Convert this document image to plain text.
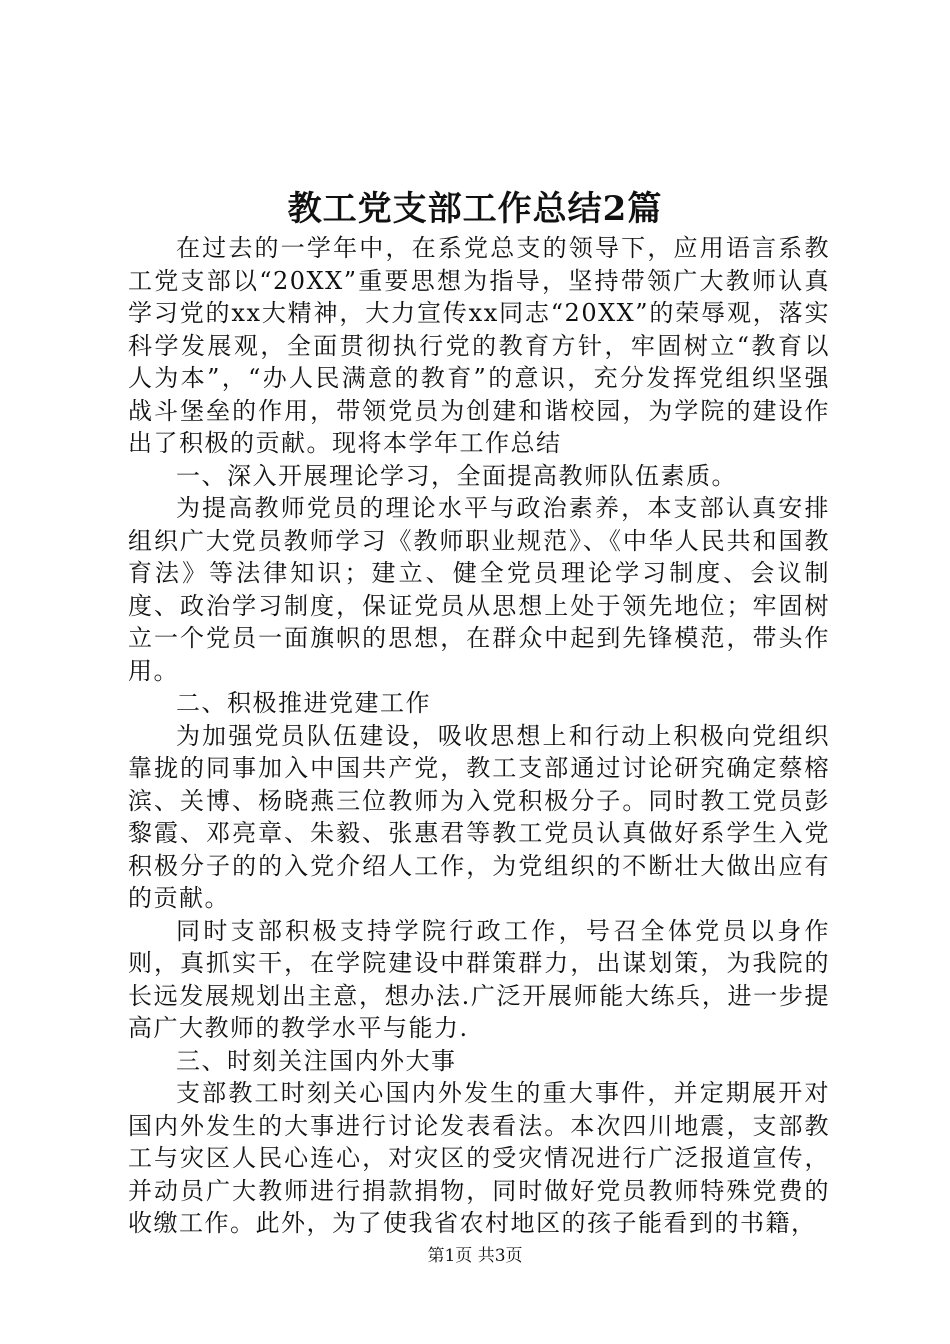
教工党支部工作总结2篇

在过去的一学年中，在系党总支的领导下，应用语言系教工党支部以“20XX”重要思想为指导，坚持带领广大教师认真学习党的xx大精神，大力宣传xx同志“20XX”的荣辱观，落实科学发展观，全面贯彻执行党的教育方针，牢固树立“教育以人为本”，“办人民满意的教育”的意识，充分发挥党组织坚强战斗堡垒的作用，带领党员为创建和谐校园，为学院的建设作出了积极的贡献。现将本学年工作总结

一、深入开展理论学习，全面提高教师队伍素质。

为提高教师党员的理论水平与政治素养，本支部认真安排组织广大党员教师学习《教师职业规范》、《中华人民共和国教育法》等法律知识；建立、健全党员理论学习制度、会议制度、政治学习制度，保证党员从思想上处于领先地位；牢固树立一个党员一面旗帜的思想，在群众中起到先锋模范，带头作用。

二、积极推进党建工作

为加强党员队伍建设，吸收思想上和行动上积极向党组织靠拢的同事加入中国共产党，教工支部通过讨论研究确定蔡榕滨、关博、杨晓燕三位教师为入党积极分子。同时教工党员彭黎霞、邓亮章、朱毅、张惠君等教工党员认真做好系学生入党积极分子的的入党介绍人工作，为党组织的不断壮大做出应有的贡献。

同时支部积极支持学院行政工作，号召全体党员以身作则，真抓实干，在学院建设中群策群力，出谋划策，为我院的长远发展规划出主意，想办法.广泛开展师能大练兵，进一步提高广大教师的教学水平与能力.

三、时刻关注国内外大事

支部教工时刻关心国内外发生的重大事件，并定期展开对国内外发生的大事进行讨论发表看法。本次四川地震，支部教工与灾区人民心连心，对灾区的受灾情况进行广泛报道宣传，并动员广大教师进行捐款捐物，同时做好党员教师特殊党费的收缴工作。此外，为了使我省农村地区的孩子能看到的书籍，

第1页 共3页
